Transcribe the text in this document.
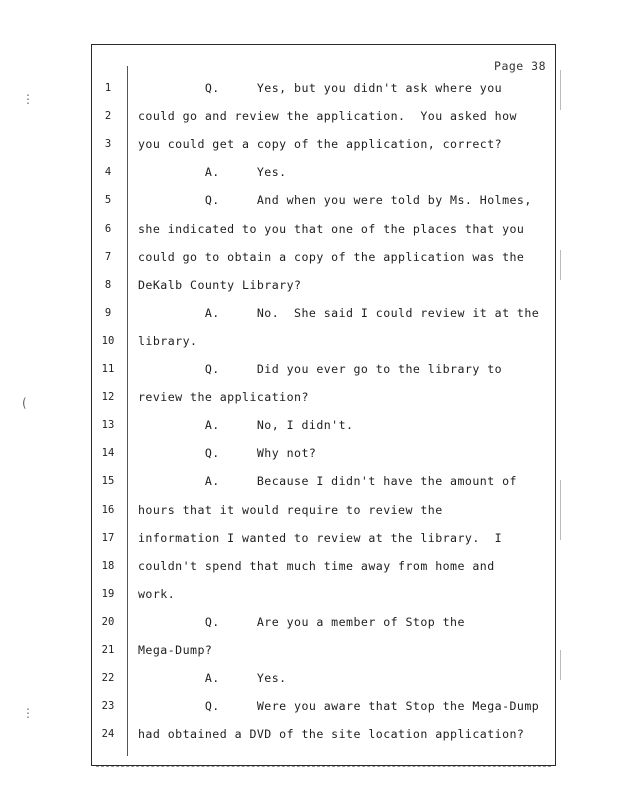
Page 38
1	Q.     Yes, but you didn't ask where you
2	could go and review the application.  You asked how
3	you could get a copy of the application, correct?
4	A.     Yes.
5	Q.     And when you were told by Ms. Holmes,
6	she indicated to you that one of the places that you
7	could go to obtain a copy of the application was the
8	DeKalb County Library?
9	A.     No.  She said I could review it at the
10	library.
11	Q.     Did you ever go to the library to
12	review the application?
13	A.     No, I didn't.
14	Q.     Why not?
15	A.     Because I didn't have the amount of
16	hours that it would require to review the
17	information I wanted to review at the library.  I
18	couldn't spend that much time away from home and
19	work.
20	Q.     Are you a member of Stop the
21	Mega-Dump?
22	A.     Yes.
23	Q.     Were you aware that Stop the Mega-Dump
24	had obtained a DVD of the site location application?
⋮
(
⋮
